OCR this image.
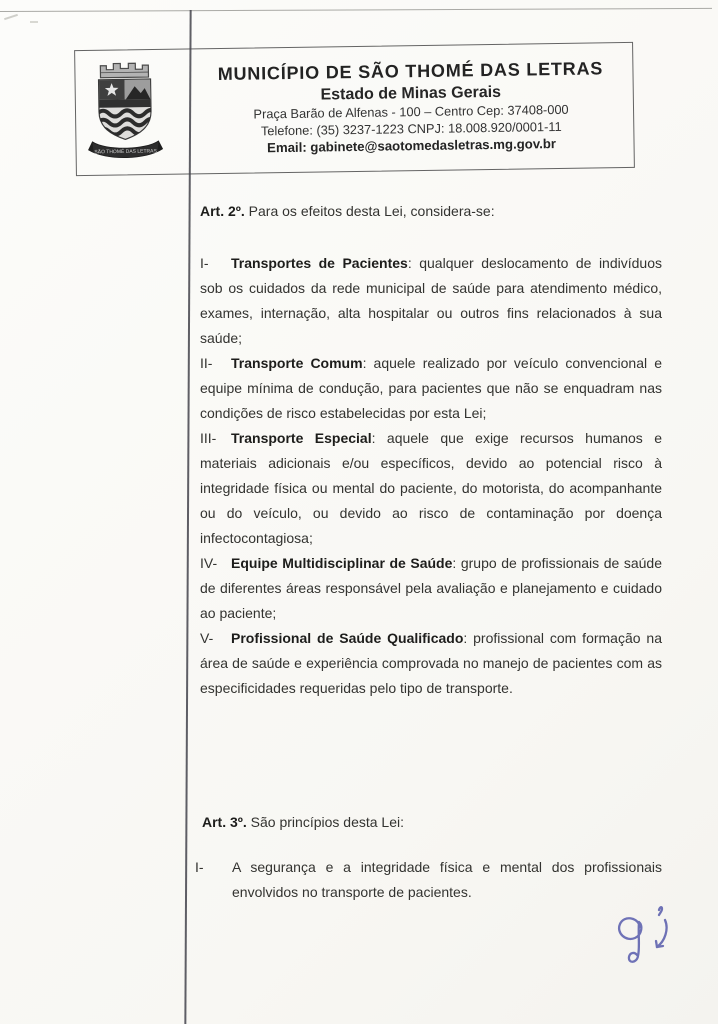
SÃO THOMÉ DAS LETRAS
MUNICÍPIO DE SÃO THOMÉ DAS LETRAS
Estado de Minas Gerais
Praça Barão de Alfenas - 100 – Centro Cep: 37408-000
Telefone: (35) 3237-1223 CNPJ: 18.008.920/0001-11
Email: gabinete@saotomedasletras.mg.gov.br

Art. 2º. Para os efeitos desta Lei, considera-se:

I- Transportes de Pacientes: qualquer deslocamento de indivíduos sob os cuidados da rede municipal de saúde para atendimento médico, exames, internação, alta hospitalar ou outros fins relacionados à sua saúde;

II- Transporte Comum: aquele realizado por veículo convencional e equipe mínima de condução, para pacientes que não se enquadram nas condições de risco estabelecidas por esta Lei;

III- Transporte Especial: aquele que exige recursos humanos e materiais adicionais e/ou específicos, devido ao potencial risco à integridade física ou mental do paciente, do motorista, do acompanhante ou do veículo, ou devido ao risco de contaminação por doença infectocontagiosa;

IV- Equipe Multidisciplinar de Saúde: grupo de profissionais de saúde de diferentes áreas responsável pela avaliação e planejamento e cuidado ao paciente;

V- Profissional de Saúde Qualificado: profissional com formação na área de saúde e experiência comprovada no manejo de pacientes com as especificidades requeridas pelo tipo de transporte.

Art. 3º. São princípios desta Lei:

I-	A segurança e a integridade física e mental dos profissionais envolvidos no transporte de pacientes.
